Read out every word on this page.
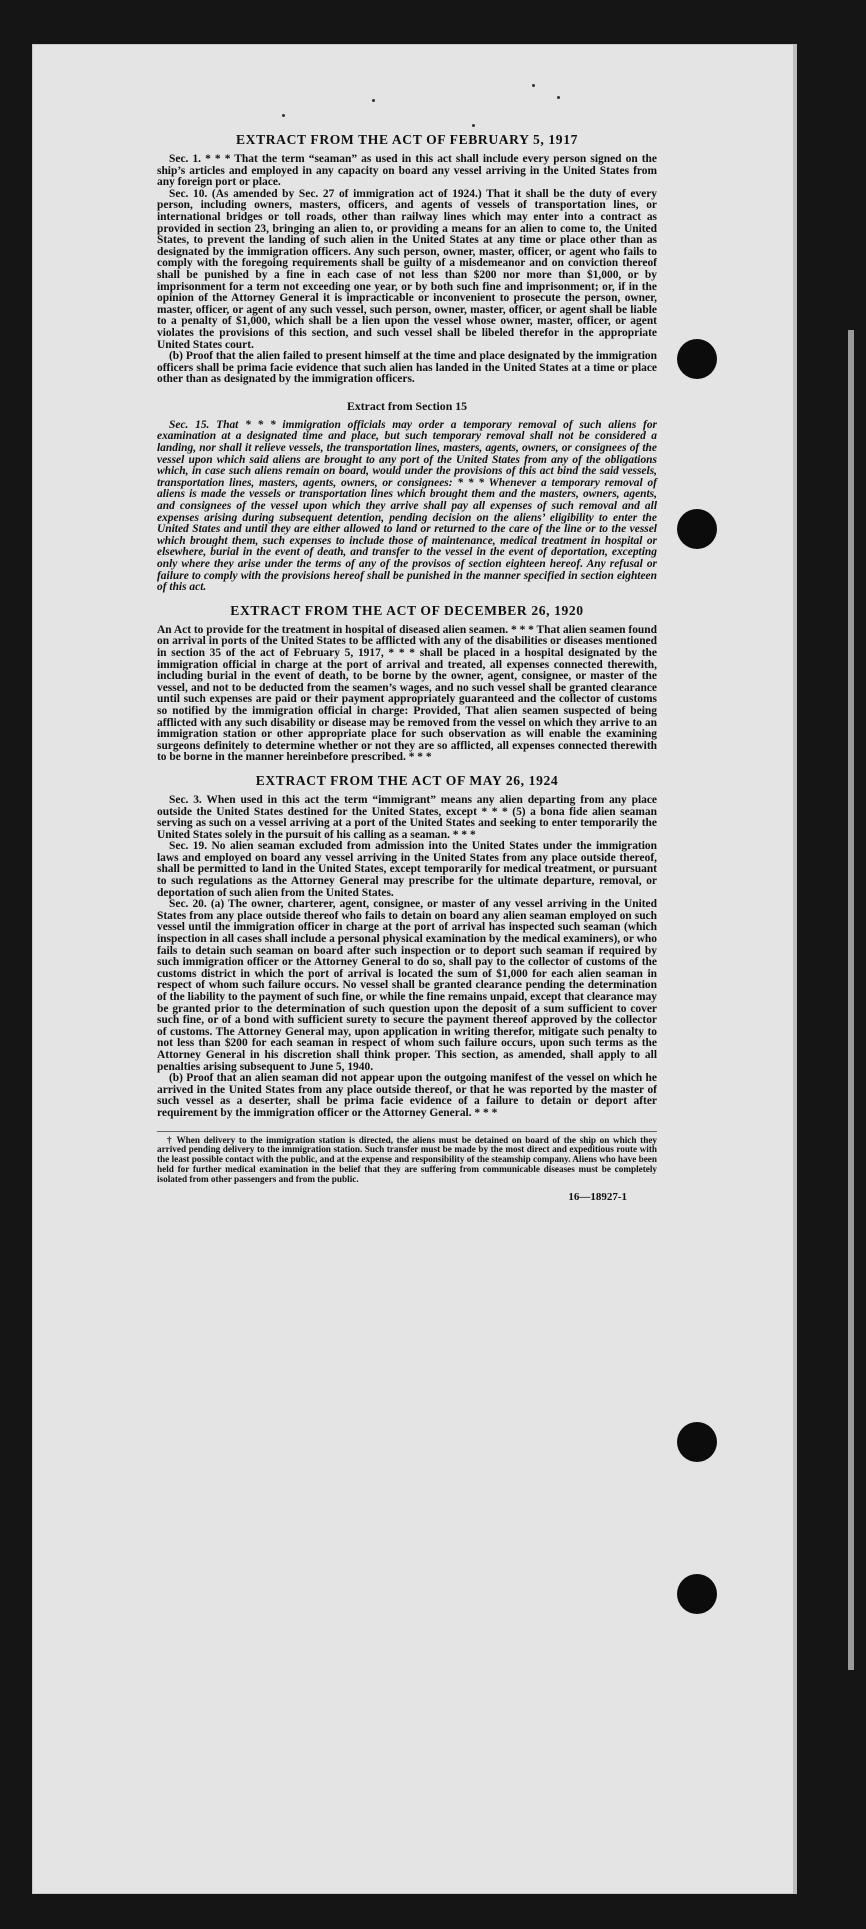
EXTRACT FROM THE ACT OF FEBRUARY 5, 1917

Sec. 1. * * * That the term “seaman” as used in this act shall include every person signed on the ship’s articles and employed in any capacity on board any vessel arriving in the United States from any foreign port or place.

Sec. 10. (As amended by Sec. 27 of immigration act of 1924.) That it shall be the duty of every person, including owners, masters, officers, and agents of vessels of transportation lines, or international bridges or toll roads, other than railway lines which may enter into a contract as provided in section 23, bringing an alien to, or providing a means for an alien to come to, the United States, to prevent the landing of such alien in the United States at any time or place other than as designated by the immigration officers. Any such person, owner, master, officer, or agent who fails to comply with the foregoing requirements shall be guilty of a misdemeanor and on conviction thereof shall be punished by a fine in each case of not less than $200 nor more than $1,000, or by imprisonment for a term not exceeding one year, or by both such fine and imprisonment; or, if in the opinion of the Attorney General it is impracticable or inconvenient to prosecute the person, owner, master, officer, or agent of any such vessel, such person, owner, master, officer, or agent shall be liable to a penalty of $1,000, which shall be a lien upon the vessel whose owner, master, officer, or agent violates the provisions of this section, and such vessel shall be libeled therefor in the appropriate United States court.

(b) Proof that the alien failed to present himself at the time and place designated by the immigration officers shall be prima facie evidence that such alien has landed in the United States at a time or place other than as designated by the immigration officers.

Extract from Section 15

Sec. 15. That * * * immigration officials may order a temporary removal of such aliens for examination at a designated time and place, but such temporary removal shall not be considered a landing, nor shall it relieve vessels, the transportation lines, masters, agents, owners, or consignees of the vessel upon which said aliens are brought to any port of the United States from any of the obligations which, in case such aliens remain on board, would under the provisions of this act bind the said vessels, transportation lines, masters, agents, owners, or consignees: * * * Whenever a temporary removal of aliens is made the vessels or transportation lines which brought them and the masters, owners, agents, and consignees of the vessel upon which they arrive shall pay all expenses of such removal and all expenses arising during subsequent detention, pending decision on the aliens’ eligibility to enter the United States and until they are either allowed to land or returned to the care of the line or to the vessel which brought them, such expenses to include those of maintenance, medical treatment in hospital or elsewhere, burial in the event of death, and transfer to the vessel in the event of deportation, excepting only where they arise under the terms of any of the provisos of section eighteen hereof. Any refusal or failure to comply with the provisions hereof shall be punished in the manner specified in section eighteen of this act.

EXTRACT FROM THE ACT OF DECEMBER 26, 1920

An Act to provide for the treatment in hospital of diseased alien seamen. * * * That alien seamen found on arrival in ports of the United States to be afflicted with any of the disabilities or diseases mentioned in section 35 of the act of February 5, 1917, * * * shall be placed in a hospital designated by the immigration official in charge at the port of arrival and treated, all expenses connected therewith, including burial in the event of death, to be borne by the owner, agent, consignee, or master of the vessel, and not to be deducted from the seamen’s wages, and no such vessel shall be granted clearance until such expenses are paid or their payment appropriately guaranteed and the collector of customs so notified by the immigration official in charge: Provided, That alien seamen suspected of being afflicted with any such disability or disease may be removed from the vessel on which they arrive to an immigration station or other appropriate place for such observation as will enable the examining surgeons definitely to determine whether or not they are so afflicted, all expenses connected therewith to be borne in the manner hereinbefore prescribed. * * *

EXTRACT FROM THE ACT OF MAY 26, 1924

Sec. 3. When used in this act the term “immigrant” means any alien departing from any place outside the United States destined for the United States, except * * * (5) a bona fide alien seaman serving as such on a vessel arriving at a port of the United States and seeking to enter temporarily the United States solely in the pursuit of his calling as a seaman. * * *

Sec. 19. No alien seaman excluded from admission into the United States under the immigration laws and employed on board any vessel arriving in the United States from any place outside thereof, shall be permitted to land in the United States, except temporarily for medical treatment, or pursuant to such regulations as the Attorney General may prescribe for the ultimate departure, removal, or deportation of such alien from the United States.

Sec. 20. (a) The owner, charterer, agent, consignee, or master of any vessel arriving in the United States from any place outside thereof who fails to detain on board any alien seaman employed on such vessel until the immigration officer in charge at the port of arrival has inspected such seaman (which inspection in all cases shall include a personal physical examination by the medical examiners), or who fails to detain such seaman on board after such inspection or to deport such seaman if required by such immigration officer or the Attorney General to do so, shall pay to the collector of customs of the customs district in which the port of arrival is located the sum of $1,000 for each alien seaman in respect of whom such failure occurs. No vessel shall be granted clearance pending the determination of the liability to the payment of such fine, or while the fine remains unpaid, except that clearance may be granted prior to the determination of such question upon the deposit of a sum sufficient to cover such fine, or of a bond with sufficient surety to secure the payment thereof approved by the collector of customs. The Attorney General may, upon application in writing therefor, mitigate such penalty to not less than $200 for each seaman in respect of whom such failure occurs, upon such terms as the Attorney General in his discretion shall think proper. This section, as amended, shall apply to all penalties arising subsequent to June 5, 1940.

(b) Proof that an alien seaman did not appear upon the outgoing manifest of the vessel on which he arrived in the United States from any place outside thereof, or that he was reported by the master of such vessel as a deserter, shall be prima facie evidence of a failure to detain or deport after requirement by the immigration officer or the Attorney General. * * *

† When delivery to the immigration station is directed, the aliens must be detained on board of the ship on which they arrived pending delivery to the immigration station. Such transfer must be made by the most direct and expeditious route with the least possible contact with the public, and at the expense and responsibility of the steamship company. Aliens who have been held for further medical examination in the belief that they are suffering from communicable diseases must be completely isolated from other passengers and from the public.
16—18927-1
